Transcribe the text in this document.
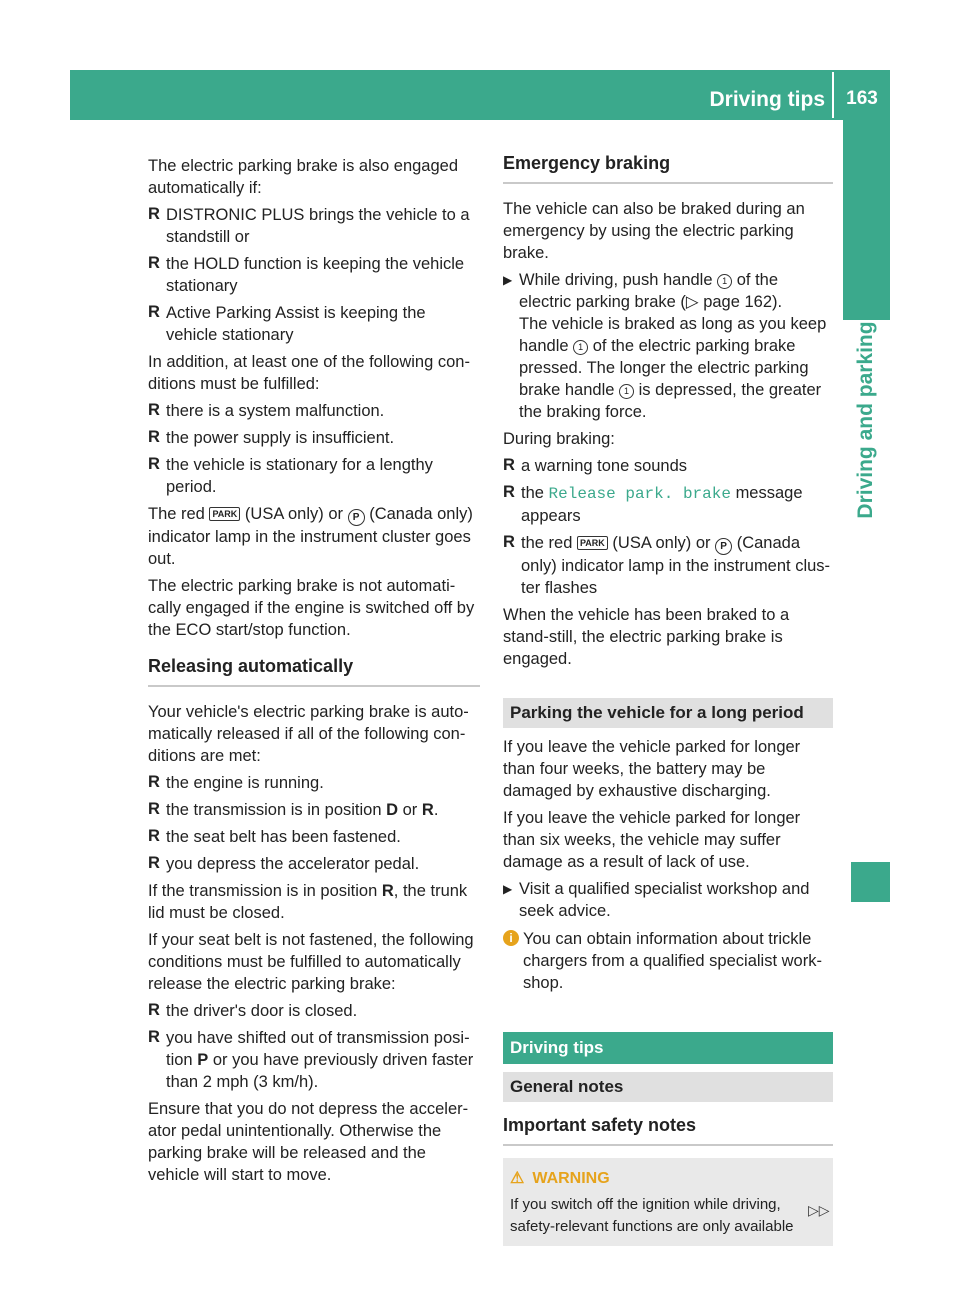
Driving tips	163
Driving and parking

The electric parking brake is also engaged automatically if:

R DISTRONIC PLUS brings the vehicle to a standstill or
R the HOLD function is keeping the vehicle stationary
R Active Parking Assist is keeping the vehicle stationary

In addition, at least one of the following con-ditions must be fulfilled:

R there is a system malfunction.
R the power supply is insufficient.
R the vehicle is stationary for a lengthy period.

The red PARK (USA only) or P (Canada only) indicator lamp in the instrument cluster goes out.

The electric parking brake is not automati-cally engaged if the engine is switched off by the ECO start/stop function.

Releasing automatically

Your vehicle's electric parking brake is auto-matically released if all of the following con-ditions are met:

R the engine is running.
R the transmission is in position D or R.
R the seat belt has been fastened.
R you depress the accelerator pedal.

If the transmission is in position R, the trunk lid must be closed.

If your seat belt is not fastened, the following conditions must be fulfilled to automatically release the electric parking brake:

R the driver's door is closed.
R you have shifted out of transmission posi-tion P or you have previously driven faster than 2 mph (3 km/h).

Ensure that you do not depress the acceler-ator pedal unintentionally. Otherwise the parking brake will be released and the vehicle will start to move.

Emergency braking

The vehicle can also be braked during an emergency by using the electric parking brake.

▶ While driving, push handle 1 of the electric parking brake (▷ page 162).
The vehicle is braked as long as you keep handle 1 of the electric parking brake pressed. The longer the electric parking brake handle 1 is depressed, the greater the braking force.

During braking:

R a warning tone sounds
R the Release park. brake message appears
R the red PARK (USA only) or P (Canada only) indicator lamp in the instrument clus-ter flashes

When the vehicle has been braked to a stand-still, the electric parking brake is engaged.

Parking the vehicle for a long period

If you leave the vehicle parked for longer than four weeks, the battery may be damaged by exhaustive discharging.

If you leave the vehicle parked for longer than six weeks, the vehicle may suffer damage as a result of lack of use.

▶ Visit a qualified specialist workshop and seek advice.
i You can obtain information about trickle chargers from a qualified specialist work-shop.
Driving tips
General notes
Important safety notes
⚠ WARNING
If you switch off the ignition while driving, safety-relevant functions are only available
▷▷
